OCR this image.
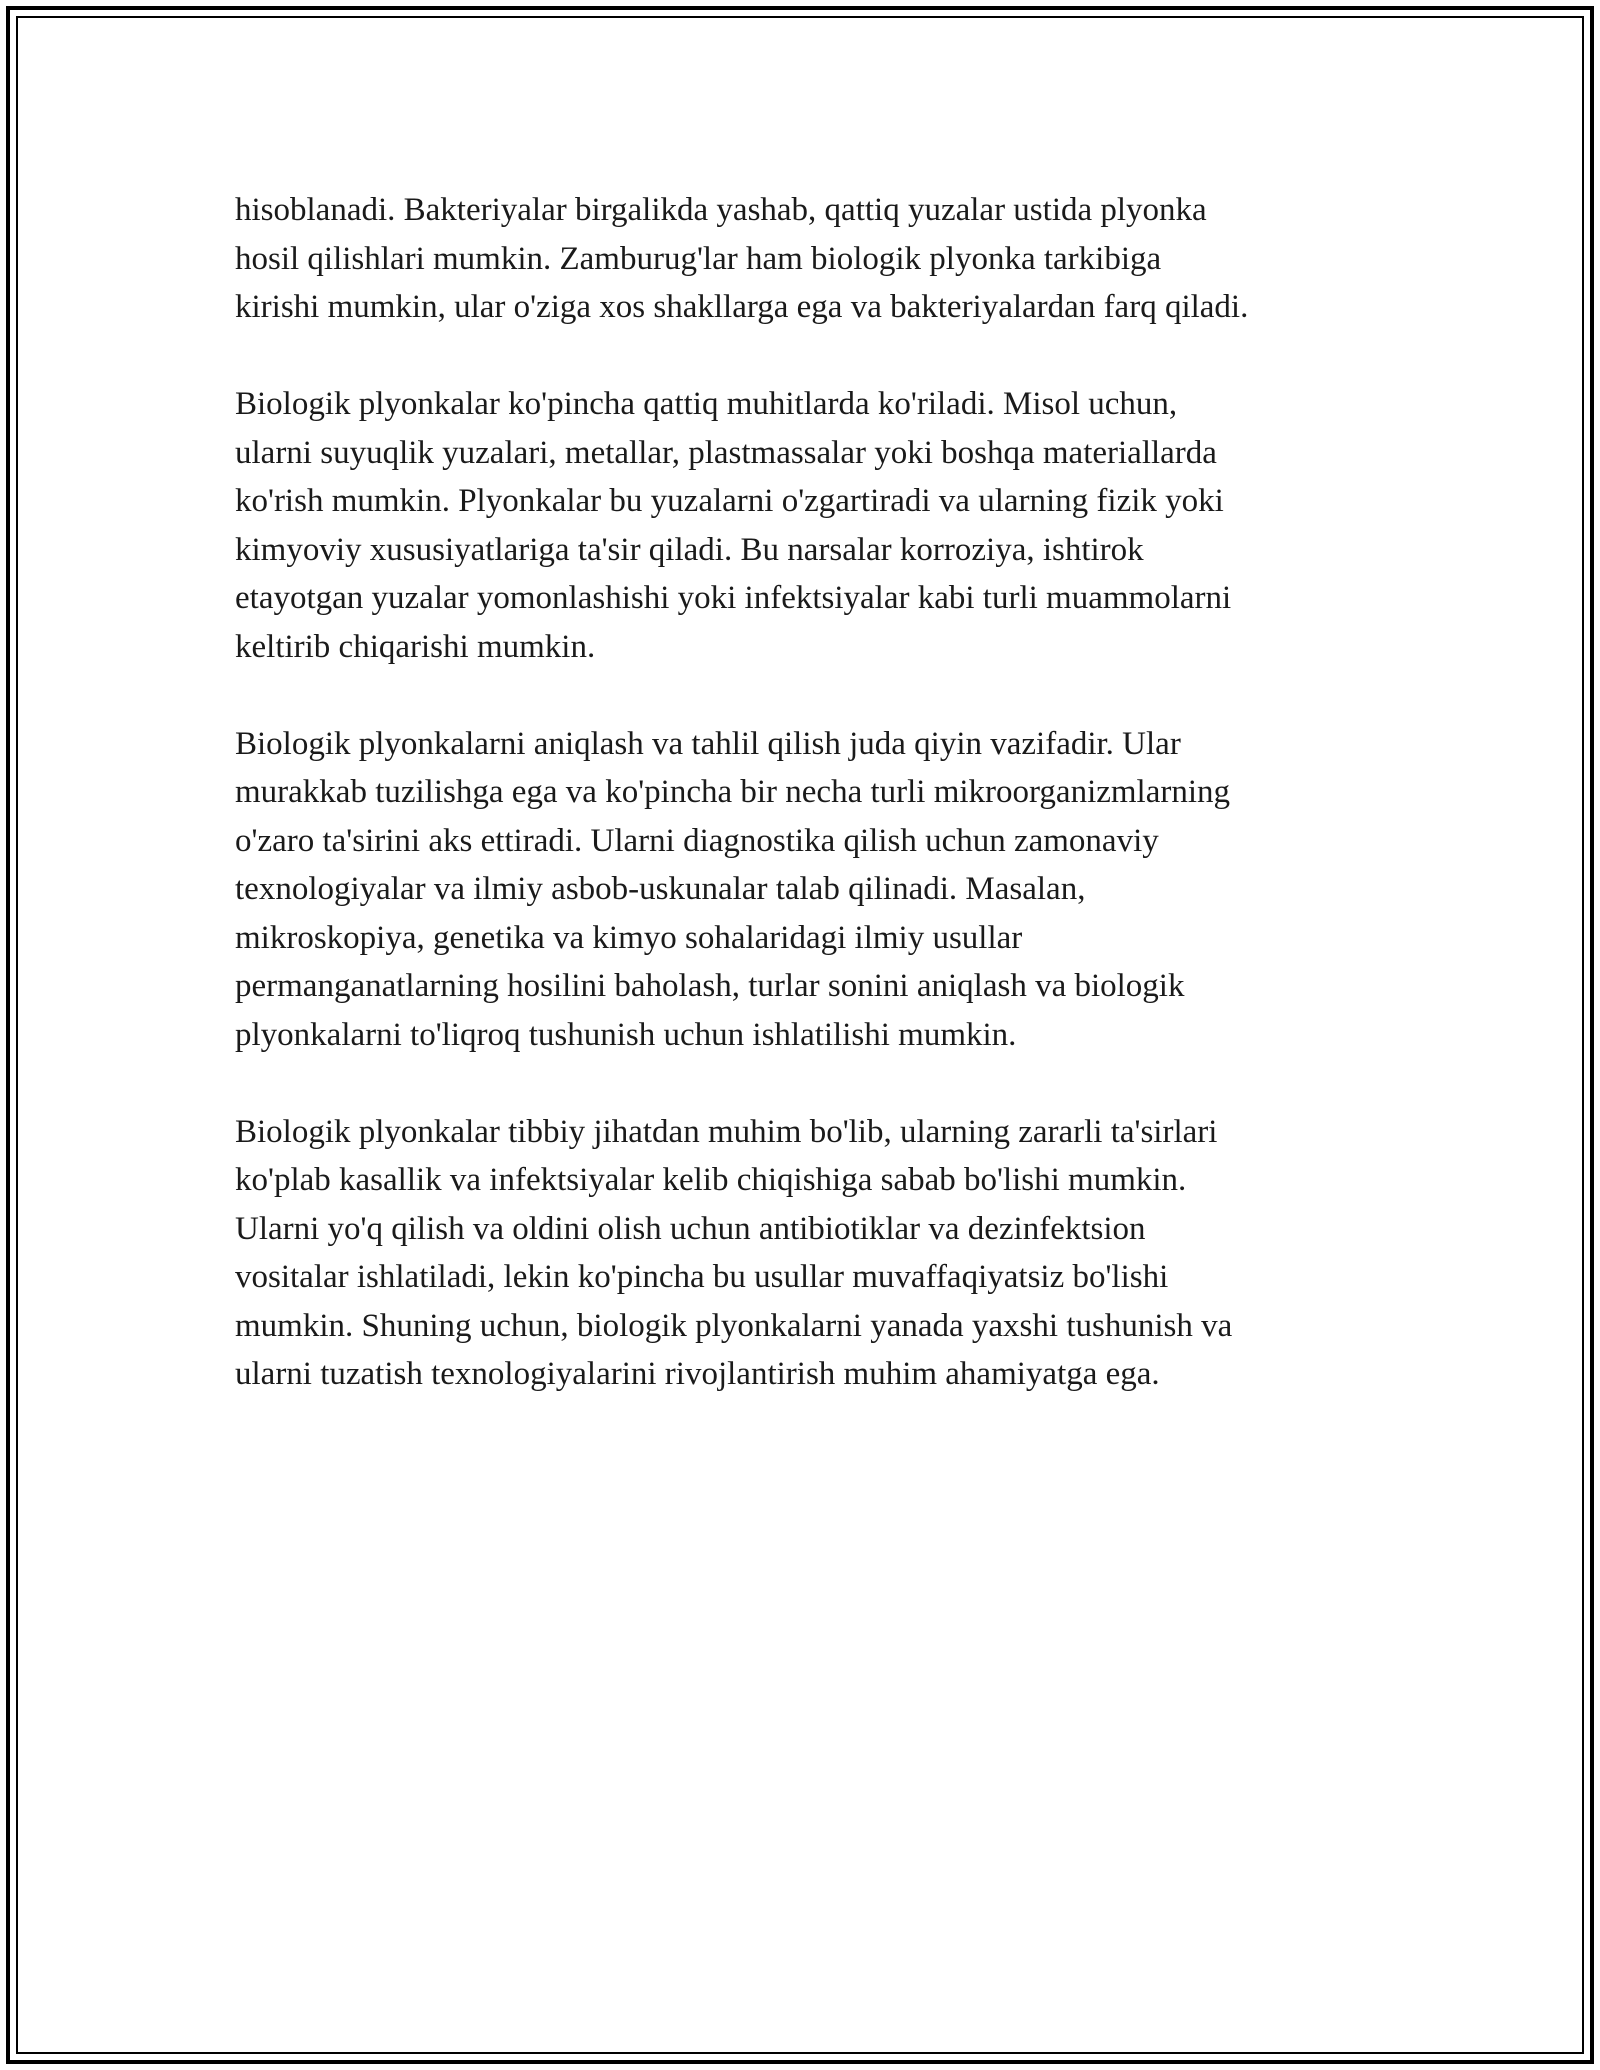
hisoblanadi. Bakteriyalar birgalikda yashab, qattiq yuzalar ustida plyonka
hosil qilishlari mumkin. Zamburug'lar ham biologik plyonka tarkibiga
kirishi mumkin, ular o'ziga xos shakllarga ega va bakteriyalardan farq qiladi.

Biologik plyonkalar ko'pincha qattiq muhitlarda ko'riladi. Misol uchun,
ularni suyuqlik yuzalari, metallar, plastmassalar yoki boshqa materiallarda
ko'rish mumkin. Plyonkalar bu yuzalarni o'zgartiradi va ularning fizik yoki
kimyoviy xususiyatlariga ta'sir qiladi. Bu narsalar korroziya, ishtirok
etayotgan yuzalar yomonlashishi yoki infektsiyalar kabi turli muammolarni
keltirib chiqarishi mumkin.

Biologik plyonkalarni aniqlash va tahlil qilish juda qiyin vazifadir. Ular
murakkab tuzilishga ega va ko'pincha bir necha turli mikroorganizmlarning
o'zaro ta'sirini aks ettiradi. Ularni diagnostika qilish uchun zamonaviy
texnologiyalar va ilmiy asbob-uskunalar talab qilinadi. Masalan,
mikroskopiya, genetika va kimyo sohalaridagi ilmiy usullar
permanganatlarning hosilini baholash, turlar sonini aniqlash va biologik
plyonkalarni to'liqroq tushunish uchun ishlatilishi mumkin.

Biologik plyonkalar tibbiy jihatdan muhim bo'lib, ularning zararli ta'sirlari
ko'plab kasallik va infektsiyalar kelib chiqishiga sabab bo'lishi mumkin.
Ularni yo'q qilish va oldini olish uchun antibiotiklar va dezinfektsion
vositalar ishlatiladi, lekin ko'pincha bu usullar muvaffaqiyatsiz bo'lishi
mumkin. Shuning uchun, biologik plyonkalarni yanada yaxshi tushunish va
ularni tuzatish texnologiyalarini rivojlantirish muhim ahamiyatga ega.
